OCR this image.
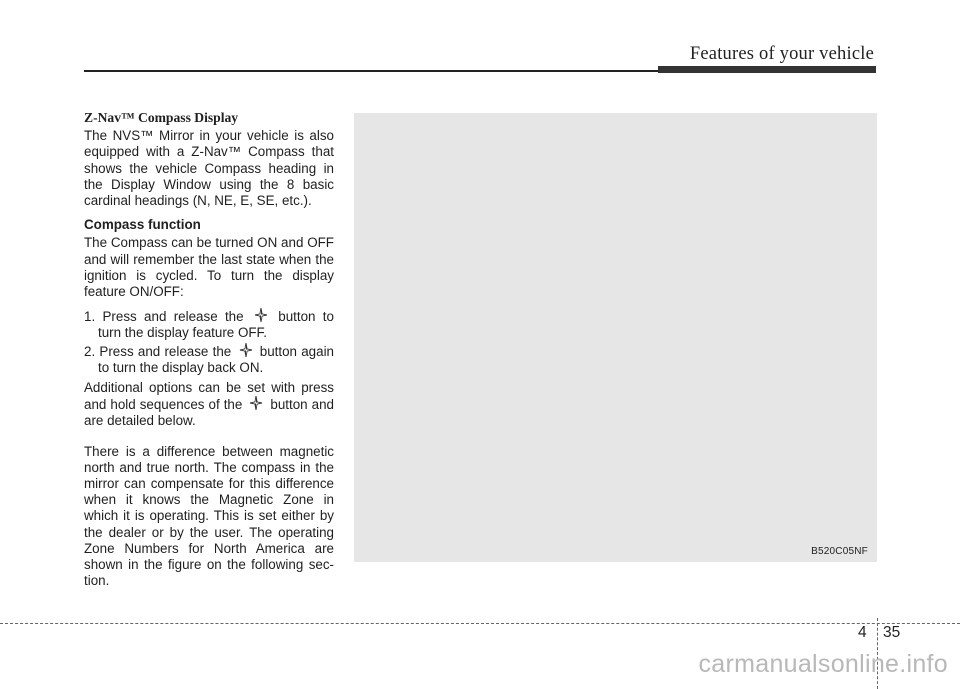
Features of your vehicle

Z-Nav™ Compass Display

The NVS™ Mirror in your vehicle is also equipped with a Z-Nav™ Compass that shows the vehicle Compass heading in the Display Window using the 8 basic cardinal headings (N, NE, E, SE, etc.).

Compass function

The Compass can be turned ON and OFF and will remember the last state when the ignition is cycled. To turn the display feature ON/OFF:

1. Press and release the	button to turn the display feature OFF.

2. Press and release the button again to turn the display back ON.

Additional options can be set with press and hold sequences of the button and are detailed below.

There is a difference between magnetic north and true north. The compass in the mirror can compensate for this difference when it knows the Magnetic Zone in which it is operating. This is set either by the dealer or by the user. The operating Zone Numbers for North America are shown in the figure on the following sec- tion.

B520C05NF
4 35
carmanualsonline.info
